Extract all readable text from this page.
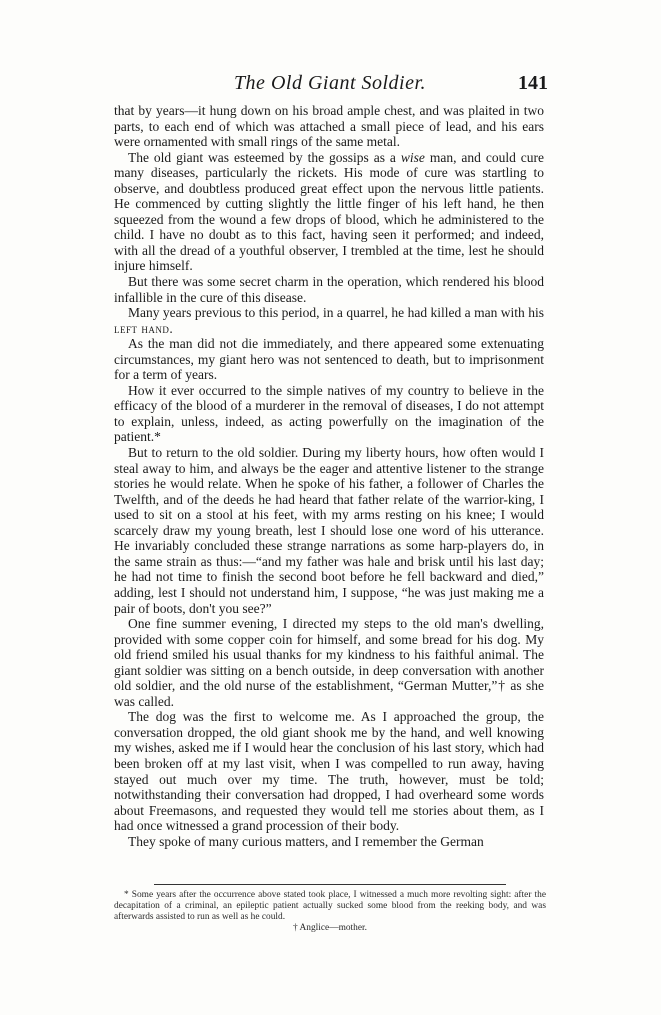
The Old Giant Soldier.	141

that by years—it hung down on his broad ample chest, and was plaited in two parts, to each end of which was attached a small piece of lead, and his ears were ornamented with small rings of the same metal.

The old giant was esteemed by the gossips as a wise man, and could cure many diseases, particularly the rickets. His mode of cure was startling to observe, and doubtless produced great effect upon the nervous little patients. He commenced by cutting slightly the little finger of his left hand, he then squeezed from the wound a few drops of blood, which he administered to the child. I have no doubt as to this fact, having seen it performed; and indeed, with all the dread of a youthful observer, I trembled at the time, lest he should injure himself.

But there was some secret charm in the operation, which rendered his blood infallible in the cure of this disease.

Many years previous to this period, in a quarrel, he had killed a man with his left hand.

As the man did not die immediately, and there appeared some extenuating circumstances, my giant hero was not sentenced to death, but to imprisonment for a term of years.

How it ever occurred to the simple natives of my country to believe in the efficacy of the blood of a murderer in the removal of diseases, I do not attempt to explain, unless, indeed, as acting powerfully on the imagination of the patient.*

But to return to the old soldier. During my liberty hours, how often would I steal away to him, and always be the eager and attentive listener to the strange stories he would relate. When he spoke of his father, a follower of Charles the Twelfth, and of the deeds he had heard that father relate of the warrior-king, I used to sit on a stool at his feet, with my arms resting on his knee; I would scarcely draw my young breath, lest I should lose one word of his utterance. He invariably concluded these strange narrations as some harp-players do, in the same strain as thus:—“and my father was hale and brisk until his last day; he had not time to finish the second boot before he fell backward and died,” adding, lest I should not understand him, I suppose, “he was just making me a pair of boots, don't you see?”

One fine summer evening, I directed my steps to the old man's dwelling, provided with some copper coin for himself, and some bread for his dog. My old friend smiled his usual thanks for my kindness to his faithful animal. The giant soldier was sitting on a bench outside, in deep conversation with another old soldier, and the old nurse of the establishment, “German Mutter,”† as she was called.

The dog was the first to welcome me. As I approached the group, the conversation dropped, the old giant shook me by the hand, and well knowing my wishes, asked me if I would hear the conclusion of his last story, which had been broken off at my last visit, when I was compelled to run away, having stayed out much over my time. The truth, however, must be told; notwithstanding their conversation had dropped, I had overheard some words about Freemasons, and requested they would tell me stories about them, as I had once witnessed a grand procession of their body.

They spoke of many curious matters, and I remember the German

* Some years after the occurrence above stated took place, I witnessed a much more revolting sight: after the decapitation of a criminal, an epileptic patient actually sucked some blood from the reeking body, and was afterwards assisted to run as well as he could.

† Anglice—mother.
